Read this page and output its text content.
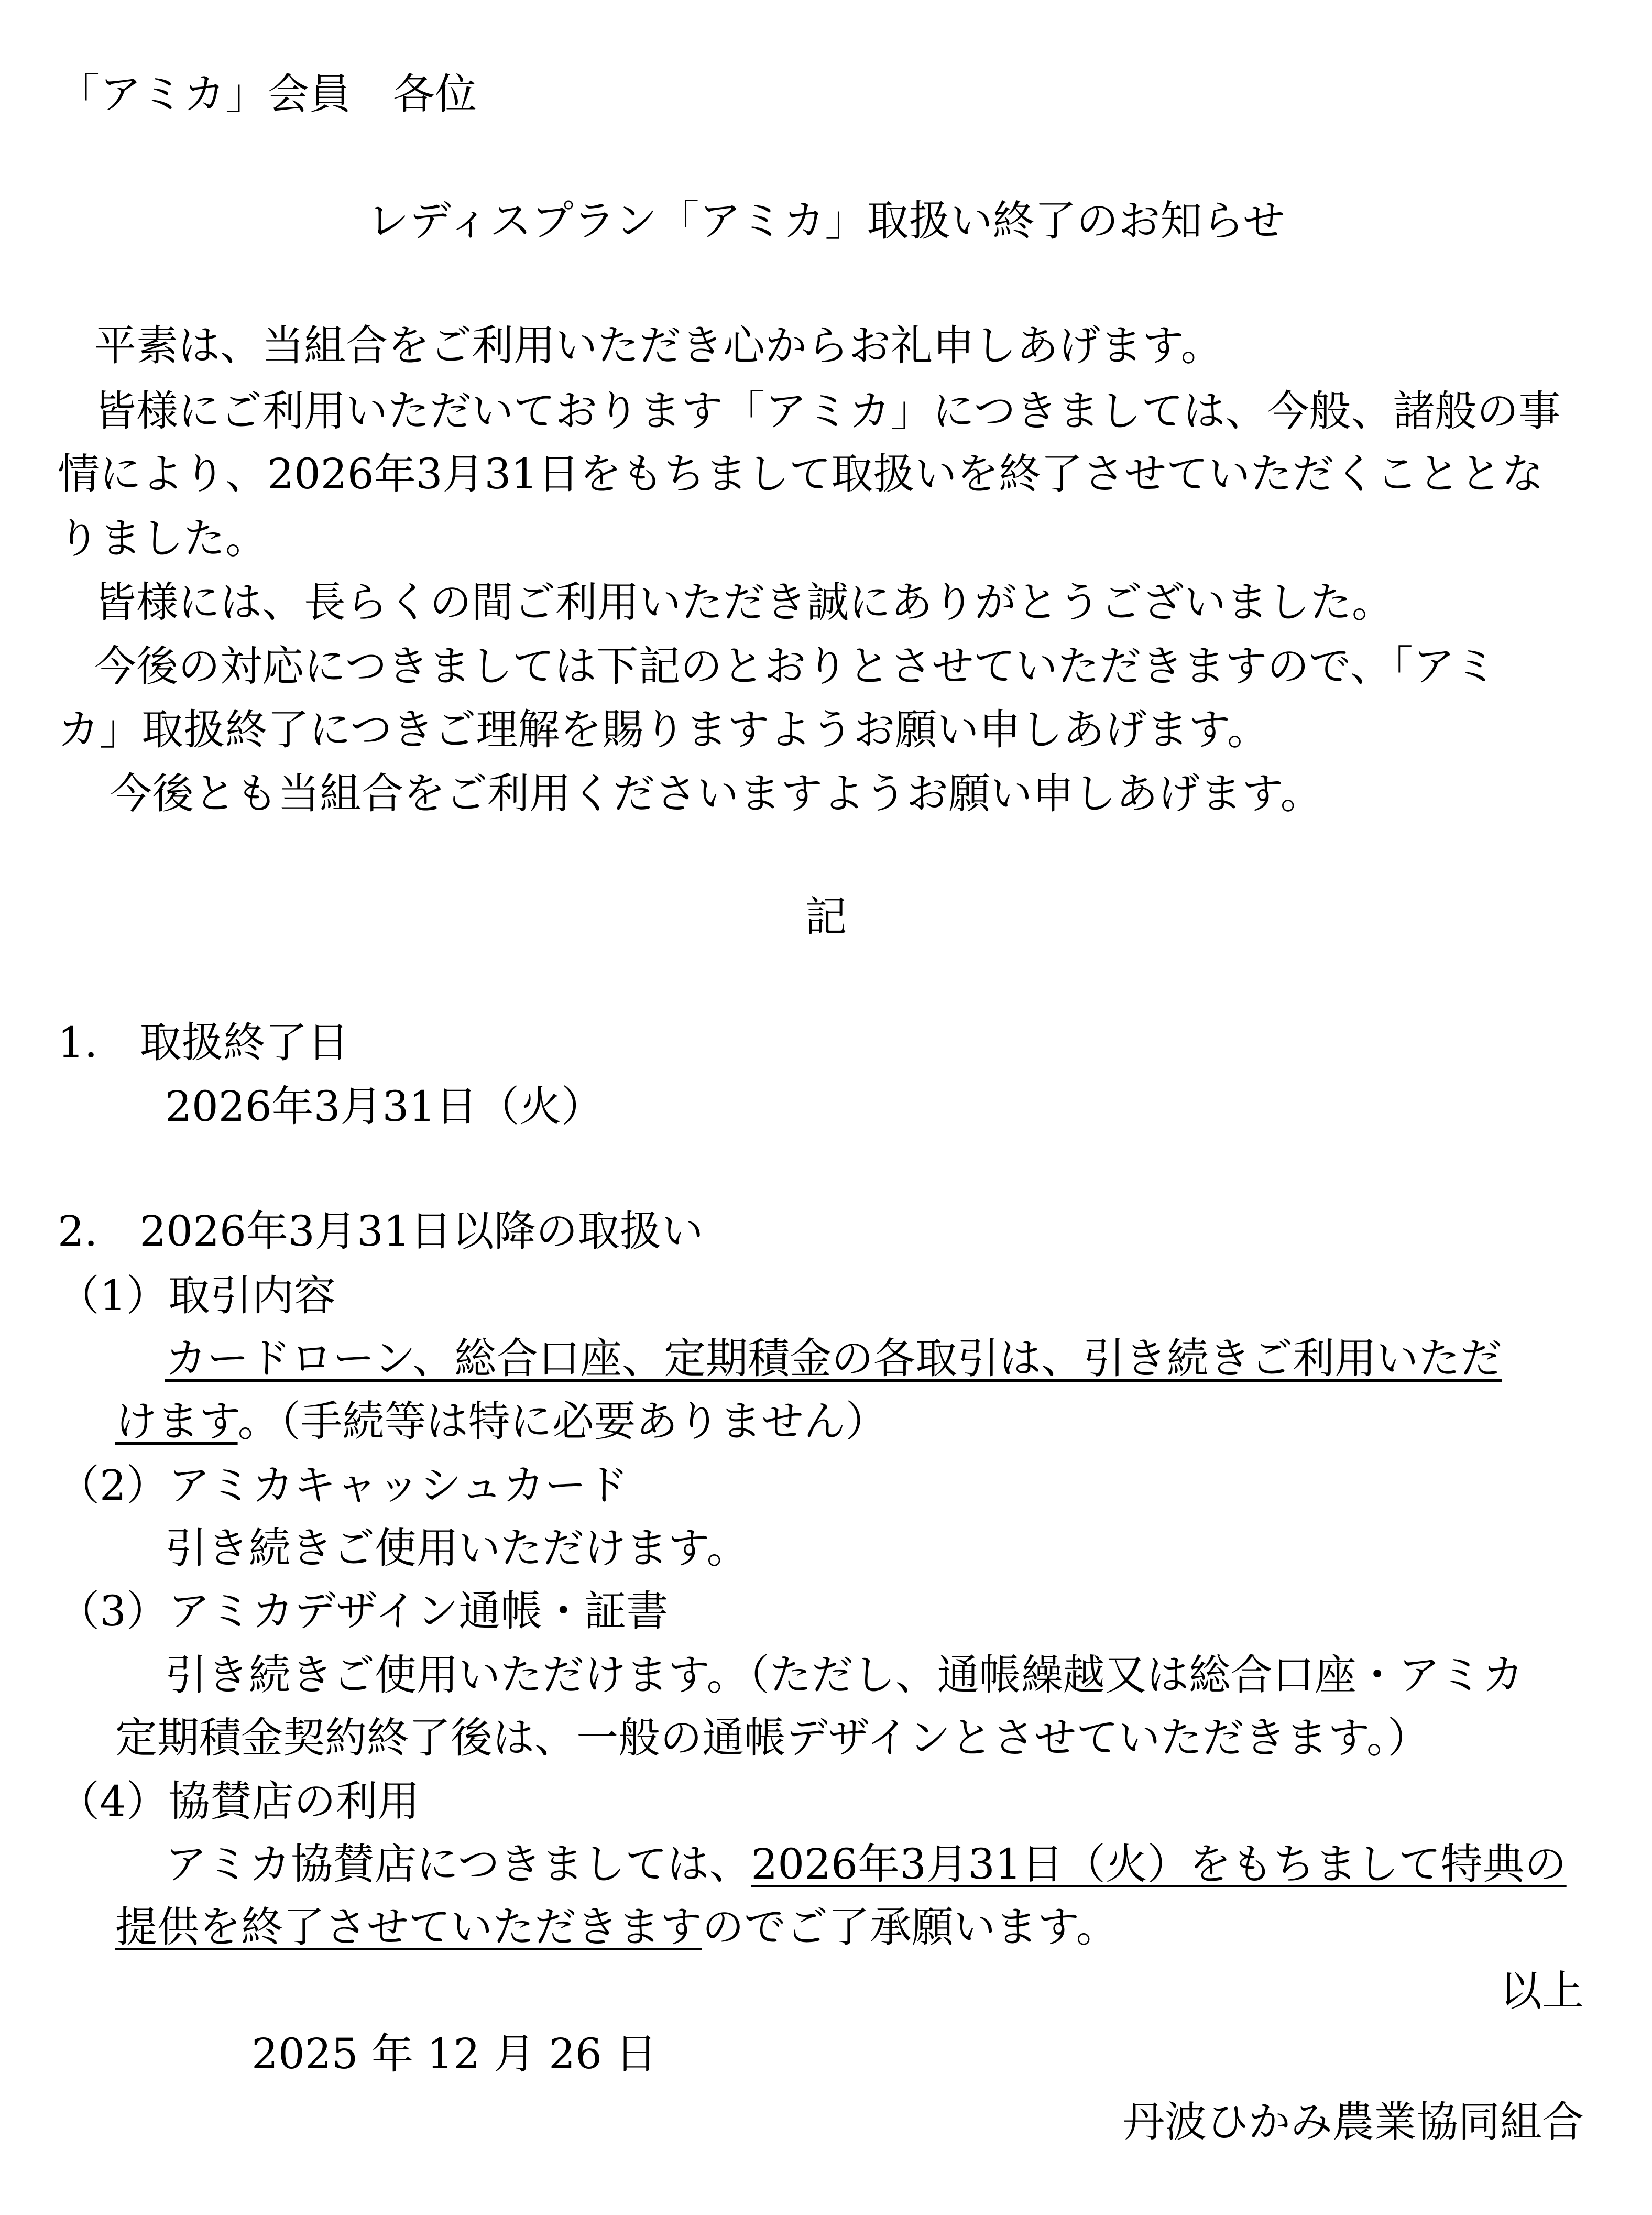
「アミカ」会員　各位

レディスプラン「アミカ」取扱い終了のお知らせ

平素は、当組合をご利用いただき心からお礼申しあげます。

皆様にご利用いただいております「アミカ」につきましては、今般、諸般の事

情により、2026年3月31日をもちまして取扱いを終了させていただくこととな

りました。

皆様には、長らくの間ご利用いただき誠にありがとうございました。

今後の対応につきましては下記のとおりとさせていただきますので、「アミ

カ」取扱終了につきご理解を賜りますようお願い申しあげます。

今後とも当組合をご利用くださいますようお願い申しあげます。

記

1.　取扱終了日

2026年3月31日（火）

2.　2026年3月31日以降の取扱い

（1）取引内容

カードローン、総合口座、定期積金の各取引は、引き続きご利用いただ

けます。（手続等は特に必要ありません）

（2）アミカキャッシュカード

引き続きご使用いただけます。

（3）アミカデザイン通帳・証書

引き続きご使用いただけます。（ただし、通帳繰越又は総合口座・アミカ

定期積金契約終了後は、一般の通帳デザインとさせていただきます。）

（4）協賛店の利用

アミカ協賛店につきましては、2026年3月31日（火）をもちまして特典の

提供を終了させていただきますのでご了承願います。

以上

2025 年 12 月 26 日

丹波ひかみ農業協同組合
